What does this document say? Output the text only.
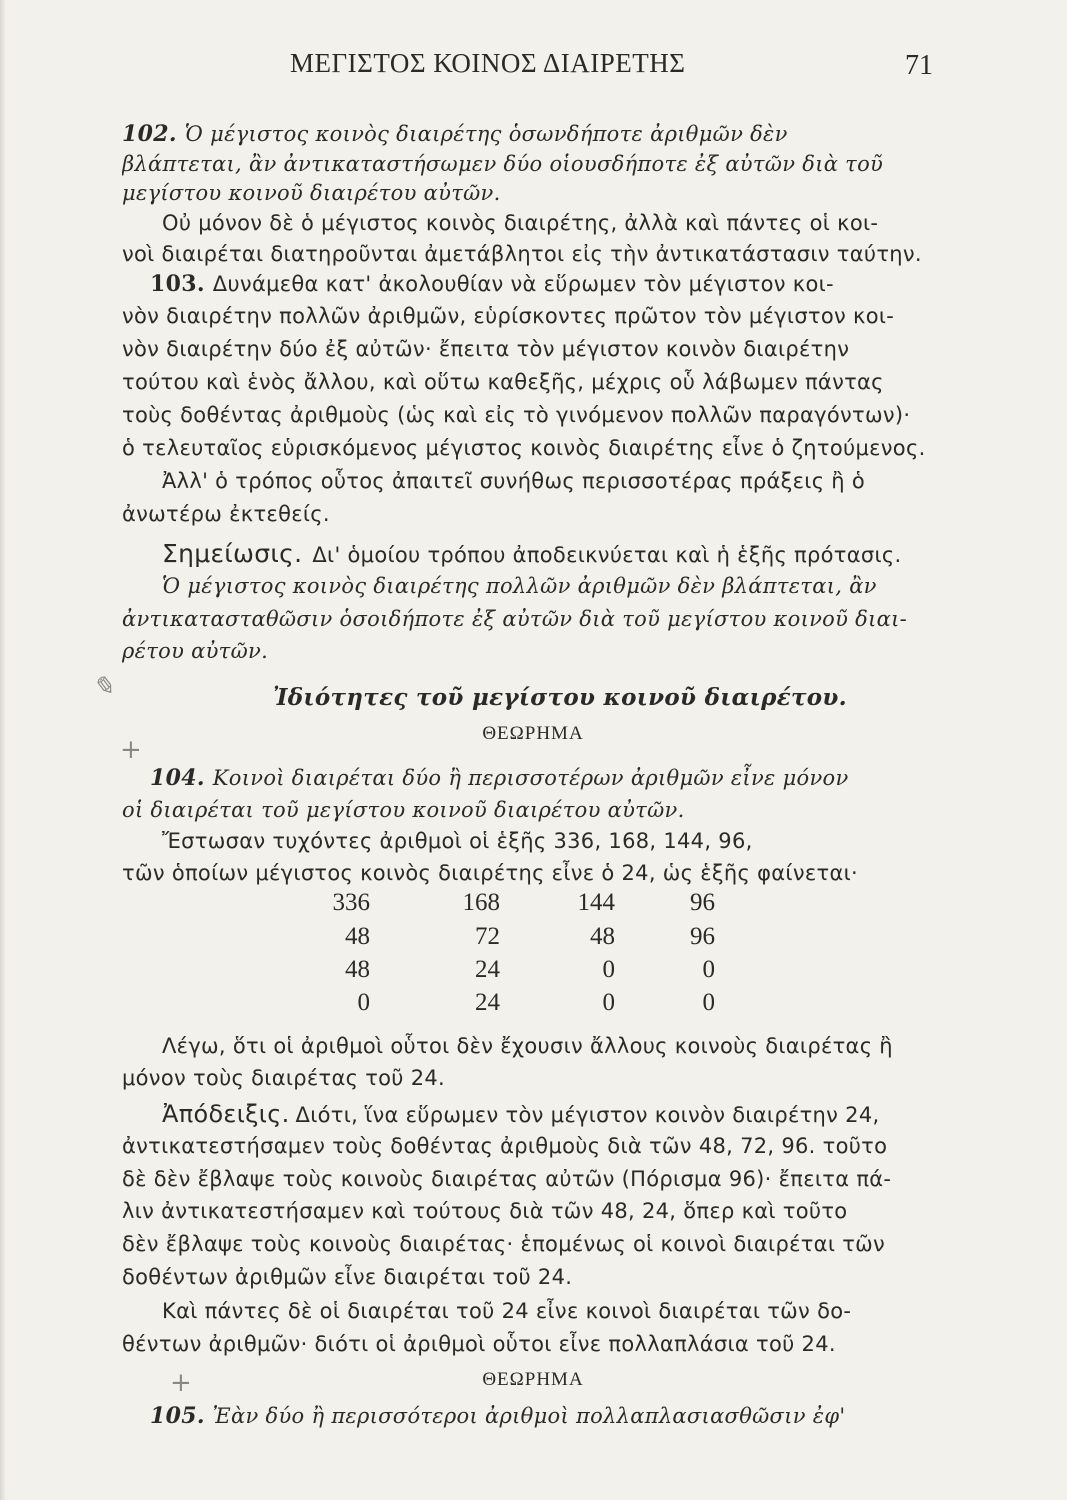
ΜΕΓΙΣΤΟΣ ΚΟΙΝΟΣ ΔΙΑΙΡΕΤΗΣ	71
102. Ὁ μέγιστος κοινὸς διαιρέτης ὁσωνδήποτε ἀριθμῶν δὲν
βλάπτεται, ἂν ἀντικαταστήσωμεν δύο οἱουσδήποτε ἐξ αὐτῶν διὰ τοῦ
μεγίστου κοινοῦ διαιρέτου αὐτῶν.
Οὐ μόνον δὲ ὁ μέγιστος κοινὸς διαιρέτης, ἀλλὰ καὶ πάντες οἱ κοι-
νοὶ διαιρέται διατηροῦνται ἀμετάβλητοι εἰς τὴν ἀντικατάστασιν ταύτην.
103. Δυνάμεθα κατ' ἀκολουθίαν νὰ εὕρωμεν τὸν μέγιστον κοι-
νὸν διαιρέτην πολλῶν ἀριθμῶν, εὑρίσκοντες πρῶτον τὸν μέγιστον κοι-
νὸν διαιρέτην δύο ἐξ αὐτῶν· ἔπειτα τὸν μέγιστον κοινὸν διαιρέτην
τούτου καὶ ἑνὸς ἄλλου, καὶ οὕτω καθεξῆς, μέχρις οὗ λάβωμεν πάντας
τοὺς δοθέντας ἀριθμοὺς (ὡς καὶ εἰς τὸ γινόμενον πολλῶν παραγόντων)·
ὁ τελευταῖος εὑρισκόμενος μέγιστος κοινὸς διαιρέτης εἶνε ὁ ζητούμενος.
Ἀλλ' ὁ τρόπος οὗτος ἀπαιτεῖ συνήθως περισσοτέρας πράξεις ἢ ὁ
ἀνωτέρω ἐκτεθείς.
Σημείωσις. Δι' ὁμοίου τρόπου ἀποδεικνύεται καὶ ἡ ἑξῆς πρότασις.
Ὁ μέγιστος κοινὸς διαιρέτης πολλῶν ἀριθμῶν δὲν βλάπτεται, ἂν
ἀντικατασταθῶσιν ὁσοιδήποτε ἐξ αὐτῶν διὰ τοῦ μεγίστου κοινοῦ διαι-
ρέτου αὐτῶν.
✎	Ἰδιότητες τοῦ μεγίστου κοινοῦ διαιρέτου.
ΘΕΩΡΗΜΑ
+
104. Κοινοὶ διαιρέται δύο ἢ περισσοτέρων ἀριθμῶν εἶνε μόνον
οἱ διαιρέται τοῦ μεγίστου κοινοῦ διαιρέτου αὐτῶν.
Ἔστωσαν τυχόντες ἀριθμοὶ οἱ ἑξῆς 336, 168, 144, 96,
τῶν ὁποίων μέγιστος κοινὸς διαιρέτης εἶνε ὁ 24, ὡς ἑξῆς φαίνεται·
336	168	144	96
48	72	48	96
48	24	0	0
0	24	0	0
Λέγω, ὅτι οἱ ἀριθμοὶ οὗτοι δὲν ἔχουσιν ἄλλους κοινοὺς διαιρέτας ἢ
μόνον τοὺς διαιρέτας τοῦ 24.
Ἀπόδειξις. Διότι, ἵνα εὕρωμεν τὸν μέγιστον κοινὸν διαιρέτην 24,
ἀντικατεστήσαμεν τοὺς δοθέντας ἀριθμοὺς διὰ τῶν 48, 72, 96. τοῦτο
δὲ δὲν ἔβλαψε τοὺς κοινοὺς διαιρέτας αὐτῶν (Πόρισμα 96)· ἔπειτα πά-
λιν ἀντικατεστήσαμεν καὶ τούτους διὰ τῶν 48, 24, ὅπερ καὶ τοῦτο
δὲν ἔβλαψε τοὺς κοινοὺς διαιρέτας· ἑπομένως οἱ κοινοὶ διαιρέται τῶν
δοθέντων ἀριθμῶν εἶνε διαιρέται τοῦ 24.
Καὶ πάντες δὲ οἱ διαιρέται τοῦ 24 εἶνε κοινοὶ διαιρέται τῶν δο-
θέντων ἀριθμῶν· διότι οἱ ἀριθμοὶ οὗτοι εἶνε πολλαπλάσια τοῦ 24.
ΘΕΩΡΗΜΑ
+
105. Ἐὰν δύο ἢ περισσότεροι ἀριθμοὶ πολλαπλασιασθῶσιν ἐφ'
